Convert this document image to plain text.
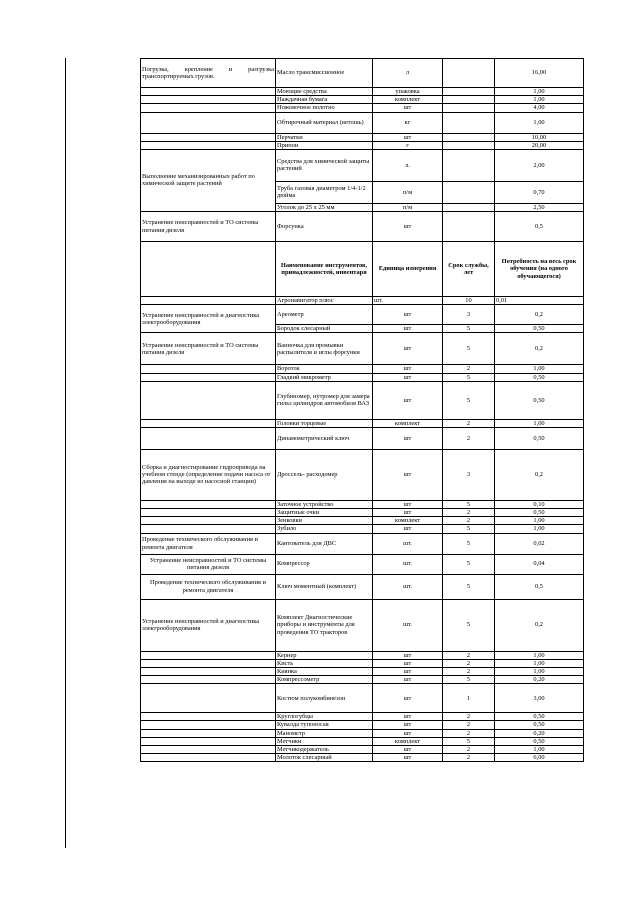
Погрузка, крепление и разгрузка транспортируемых грузов.	Масло трансмиссионное	л		16,00
	Моющие средства	упаковка		1,00
	Наждачная бумага	комплект		1,00
	Ножовочное полотно	шт		4,00
	Обтирочный материал (ветошь)	кг		1,00
	Перчатки	шт		10,00
	Припои	г		20,00
Выполнение механизированных работ по химической защите растений	Средства для химической защиты растений	л.		2,00
	Труба газовая диаметром 1/4-1/2 дюйма	п/м		0,70
	Уголок до 25 х 25 мм	п/м		2,50
Устранение неисправностей и ТО системы питания дизеля	Форсунка	шт		0,5
	Наименование инструментов, принадлежностей, инвентаря	Единица измерения	Срок службы, лет	Потребность на весь срок обучения (на одного обучающегося)
	Агронавигатор плюс	шт.	10	0,01
Устранение неисправностей и диагностика электрооборудования	Ареометр	шт	3	0,2
	Бородок слесарный	шт	5	0,50
Устранение неисправностей и ТО системы питания дизеля	Ванночка для промывки распылителя и иглы форсунки	шт	5	0,2
	Вороток	шт	2	1,00
	Гладкий микрометр	шт	5	0,50
	Глубиномер, нутромер для замера гильз цилиндров автомобиля ВАЗ	шт	5	0,50
	Головки торцевые	комплект	2	1,00
	Динамометрический ключ	шт	2	0,50
Сборка и диагностирование гидропривода на учебном стенде (определение подачи насоса от давления на выходе из насосной станции)	Дроссель- расходомер	шт	3	0,2
	Заточное устройство	шт	5	0,10
	Защитные очки	шт	2	0,50
	Зенковки	комплект	2	1,00
	Зубило	шт	5	1,00
Проведение технического обслуживания и ремонта двигателя	Кантователь для ДВС	шт.	5	0,02
Устранение неисправностей и ТО системы питания дизеля	Компрессор	шт.	5	0,04
Проведение технического обслуживания и ремонта двигателя	Ключ моментный (комплект)	шт.	5	0,5
Устранение неисправностей и диагностика электрооборудования	Комплект Диагностические приборы и инструменты для проведения ТО тракторов	шт.	5	0,2
	Кернер	шт	2	1,00
	Кисть	шт	2	1,00
	Киянка	шт	2	1,00
	Компрессометр	шт	5	0,20
	Костюм полукомбинезон	шт	1	3,00
	Круглогубцы	шт	2	0,50
	Кувалда тупоносая	шт	2	0,50
	Манометр	шт	2	0,20
	Метчики	комплект	5	0,50
	Метчикодержатель	шт	2	1,00
	Молоток слесарный	шт	2	6,00
